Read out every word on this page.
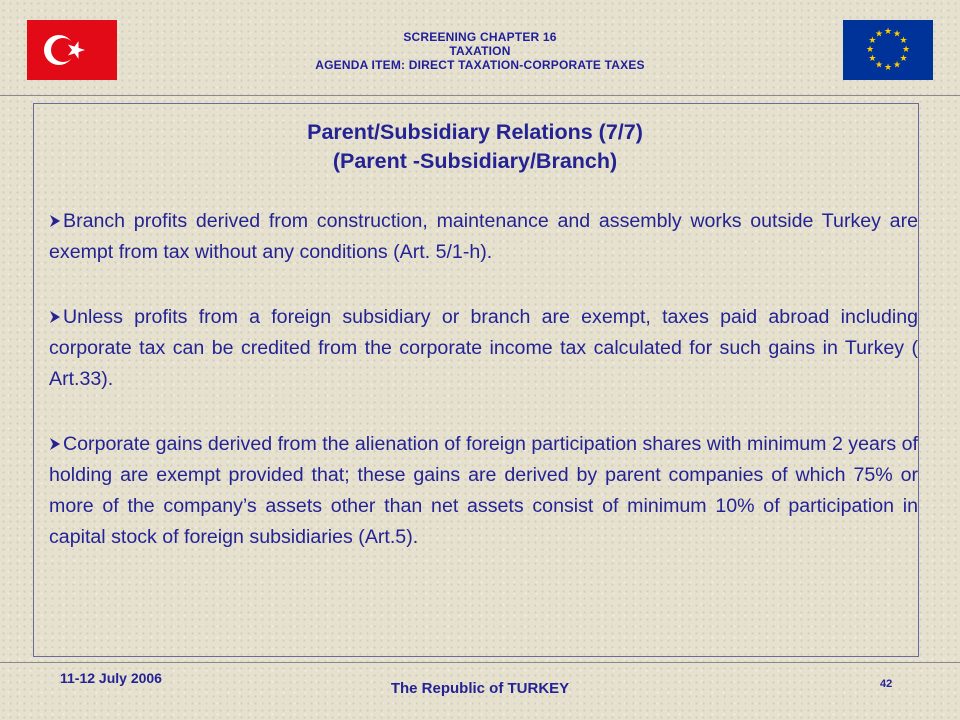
★ ★
★
★
★
★
★
★
★
★
★
★
SCREENING CHAPTER 16
TAXATION
AGENDA ITEM: DIRECT TAXATION-CORPORATE TAXES
Parent/Subsidiary Relations (7/7)
(Parent -Subsidiary/Branch)

Branch profits derived from construction, maintenance and assembly works outside Turkey are exempt from tax without any conditions (Art. 5/1-h).

Unless profits from a foreign subsidiary or branch are exempt, taxes paid abroad including corporate tax can be credited from the corporate income tax calculated for such gains in Turkey ( Art.33).

Corporate gains derived from the alienation of foreign participation shares with minimum 2 years of holding are exempt provided that; these gains are derived by parent companies of which 75% or more of the company’s assets other than net assets consist of minimum 10% of participation in capital stock of foreign subsidiaries (Art.5).

11-12 July 2006
The Republic of TURKEY	42
